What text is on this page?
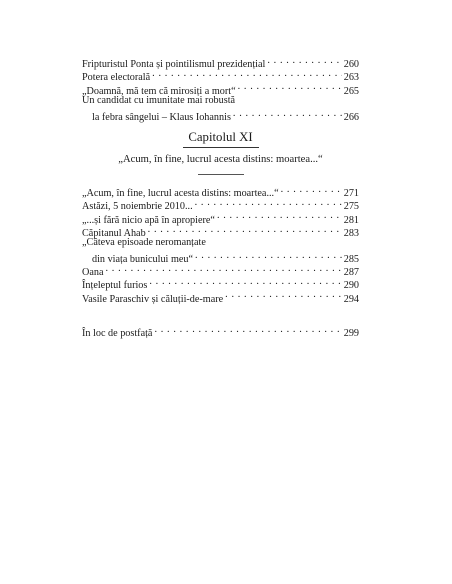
Fripturistul Ponta și pointilismul prezidențial . . .	260
Potera electorală . . .	263
„Doamnă, mă tem că mirosiți a mort“ . . .	265
Un candidat cu imunitate mai robustă
la febra sângelui – Klaus Iohannis . . .	266
Capitolul XI
„Acum, în fine, lucrul acesta distins: moartea...“
„Acum, în fine, lucrul acesta distins: moartea...“ . . .	271
Astăzi, 5 noiembrie 2010... . . .	275
„...și fără nicio apă în apropiere“ . . .	281
Căpitanul Ahab . . .	283
„Câteva episoade neromanțate
din viața bunicului meu“ . . .	285
Oana . . .	287
Înțeleptul furios . . .	290
Vasile Paraschiv și căluții-de-mare . . .	294
În loc de postfață . . .	299
